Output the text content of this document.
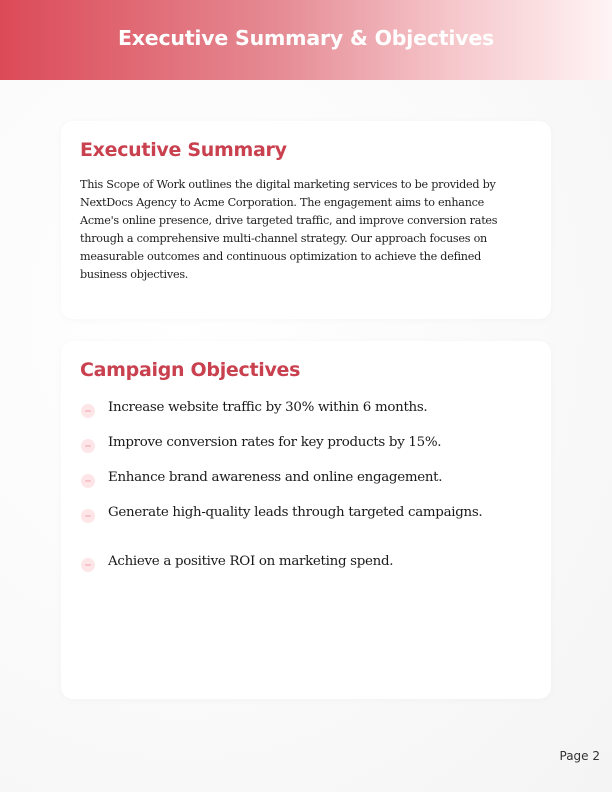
Executive Summary & Objectives
Executive Summary

This Scope of Work outlines the digital marketing services to be provided by NextDocs Agency to Acme Corporation. The engagement aims to enhance Acme's online presence, drive targeted traffic, and improve conversion rates through a comprehensive multi-channel strategy. Our approach focuses on measurable outcomes and continuous optimization to achieve the defined business objectives.

Campaign Objectives
Increase website traffic by 30% within 6 months.
Improve conversion rates for key products by 15%.
Enhance brand awareness and online engagement.
Generate high-quality leads through targeted campaigns.
Achieve a positive ROI on marketing spend.
Page 2
